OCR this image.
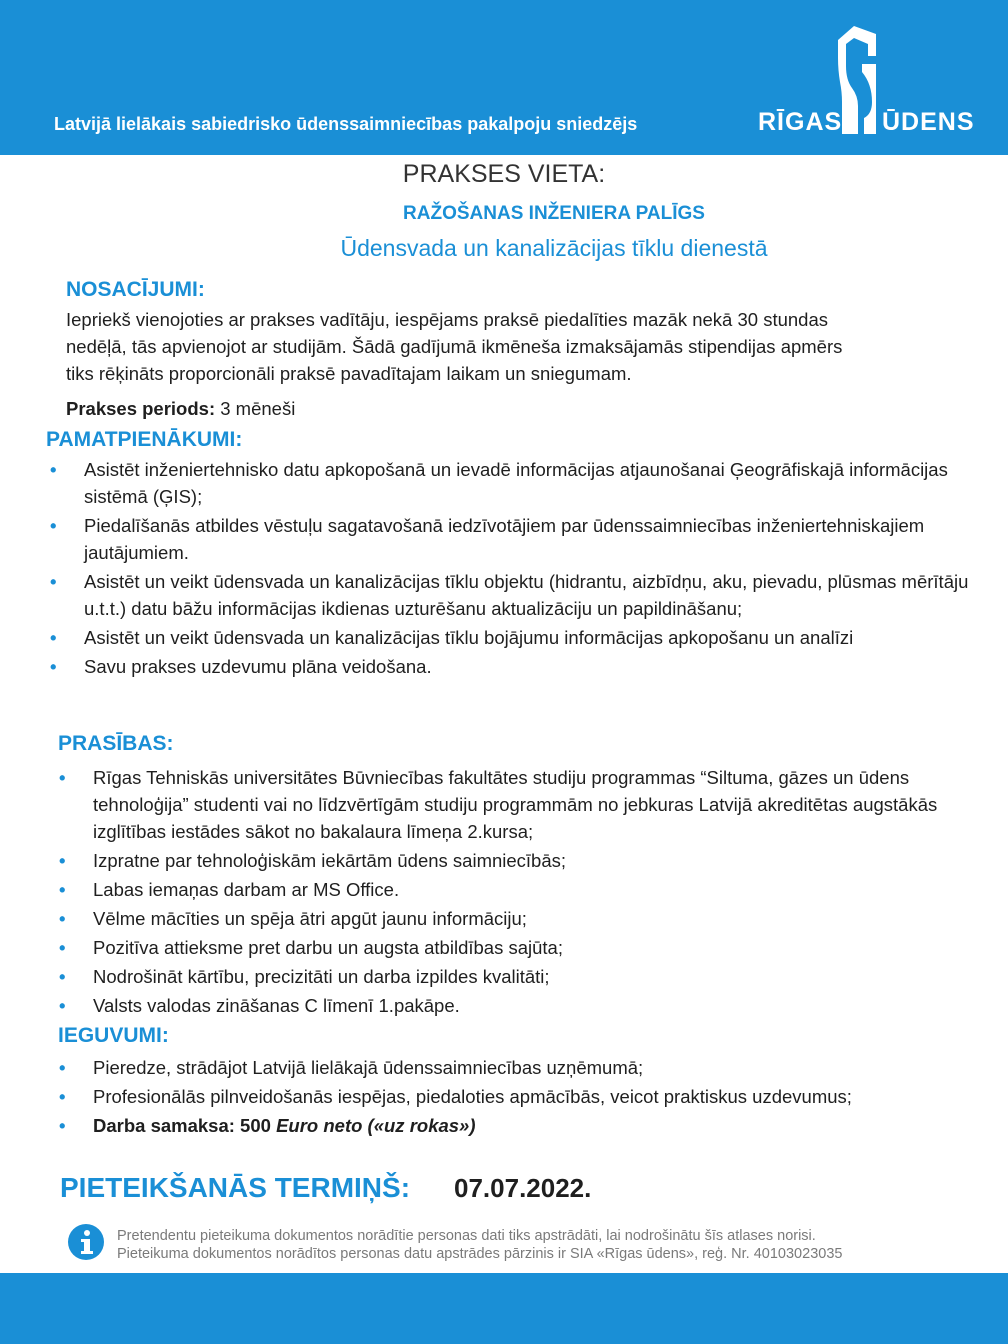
Latvijā lielākais sabiedrisko ūdenssaimniecības pakalpoju sniedzējs	RĪGAS ŪDENS
PRAKSES VIETA:
RAŽOŠANAS INŽENIERA PALĪGS
Ūdensvada un kanalizācijas tīklu dienestā
NOSACĪJUMI:
Iepriekš vienojoties ar prakses vadītāju, iespējams praksē piedalīties mazāk nekā 30 stundas
nedēļā, tās apvienojot ar studijām. Šādā gadījumā ikmēneša izmaksājamās stipendijas apmērs
tiks rēķināts proporcionāli praksē pavadītajam laikam un sniegumam.
Prakses periods: 3 mēneši
PAMATPIENĀKUMI:
• Asistēt inženiertehnisko datu apkopošanā un ievadē informācijas atjaunošanai Ģeogrāfiskajā informācijas sistēmā (ĢIS);
• Piedalīšanās atbildes vēstuļu sagatavošanā iedzīvotājiem par ūdenssaimniecības inženiertehniskajiem jautājumiem.
• Asistēt un veikt ūdensvada un kanalizācijas tīklu objektu (hidrantu, aizbīdņu, aku, pievadu, plūsmas mērītāju u.t.t.) datu bāžu informācijas ikdienas uzturēšanu aktualizāciju un papildināšanu;
• Asistēt un veikt ūdensvada un kanalizācijas tīklu bojājumu informācijas apkopošanu un analīzi
• Savu prakses uzdevumu plāna veidošana.
PRASĪBAS:
• Rīgas Tehniskās universitātes Būvniecības fakultātes studiju programmas “Siltuma, gāzes un ūdens tehnoloģija” studenti vai no līdzvērtīgām studiju programmām no jebkuras Latvijā akreditētas augstākās izglītības iestādes sākot no bakalaura līmeņa 2.kursa;
• Izpratne par tehnoloģiskām iekārtām ūdens saimniecībās;
• Labas iemaņas darbam ar MS Office.
• Vēlme mācīties un spēja ātri apgūt jaunu informāciju;
• Pozitīva attieksme pret darbu un augsta atbildības sajūta;
• Nodrošināt kārtību, precizitāti un darba izpildes kvalitāti;
• Valsts valodas zināšanas C līmenī 1.pakāpe.
IEGUVUMI:
• Pieredze, strādājot Latvijā lielākajā ūdenssaimniecības uzņēmumā;
• Profesionālās pilnveidošanās iespējas, piedaloties apmācībās, veicot praktiskus uzdevumus;
• Darba samaksa: 500 Euro neto («uz rokas»)
PIETEIKŠANĀS TERMIŅŠ: 07.07.2022.
Pretendentu pieteikuma dokumentos norādītie personas dati tiks apstrādāti, lai nodrošinātu šīs atlases norisi.
Pieteikuma dokumentos norādītos personas datu apstrādes pārzinis ir SIA «Rīgas ūdens», reģ. Nr. 40103023035
